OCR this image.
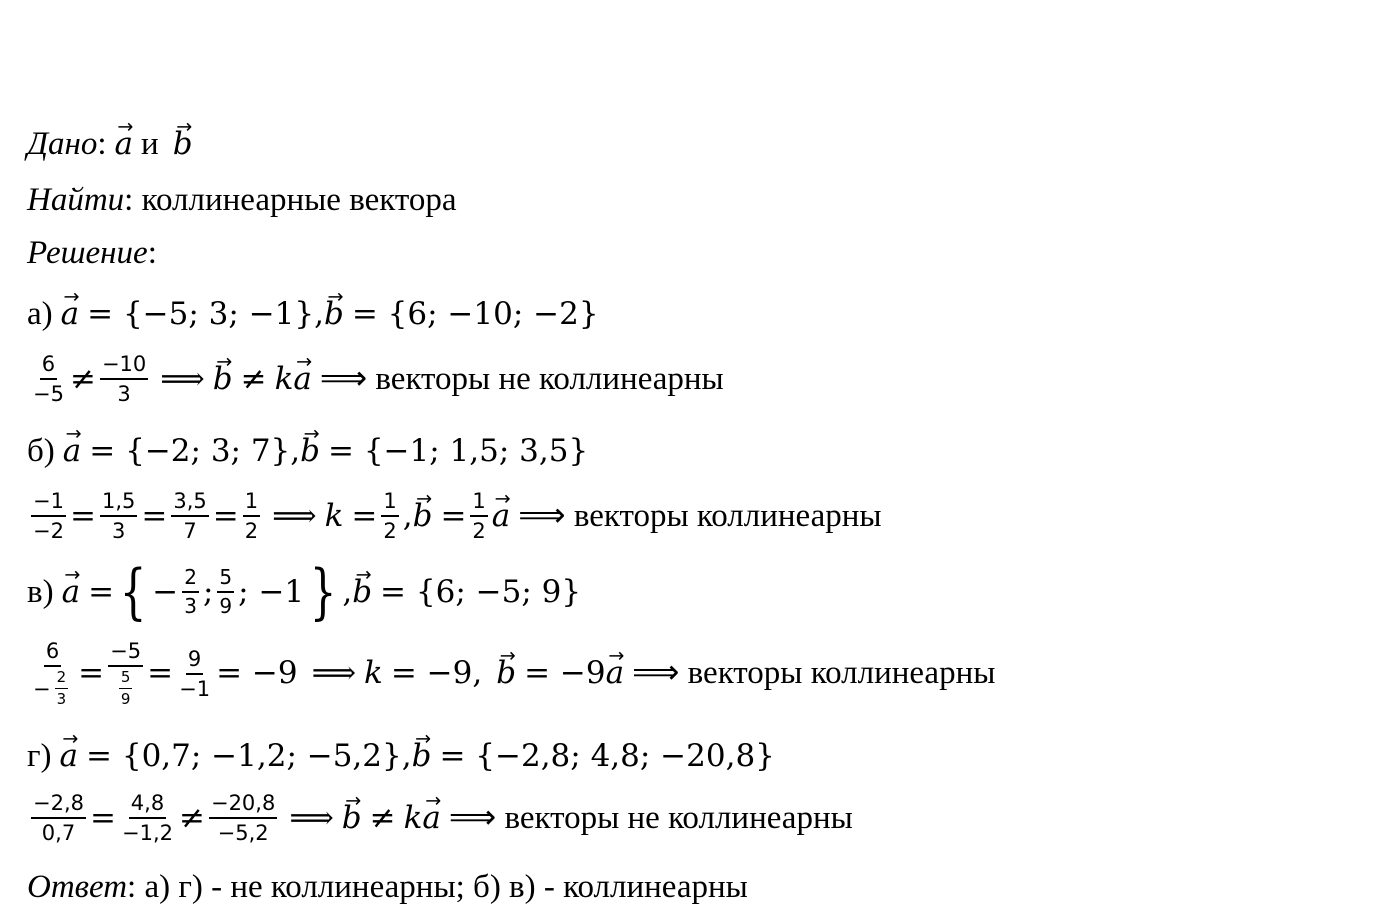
Дано :
→ a и
→ b
Найти : коллинеарные вектора
Решение :
а)
→ a = {−5; 3; −1},
→ b = {6; −10; −2}
$\frac{6}{-5} \ne \frac{-10}{3}$ ⟹
→ b ≠ k
→ a ⟹ векторы не коллинеарны
б)
→ a = {−2; 3; 7},
→ b = {−1; 1,5; 3,5}
$\frac{-1}{-2} = \frac{1,5}{3} = \frac{3,5}{7} = \frac{1}{2}$ ⟹ $k = \frac{1}{2}$ ,
→ $b = \frac{1}{2}$
→ a ⟹ векторы коллинеарны
в)
→ a = { − $\frac{2}{3}$ ; $\frac{5}{9}$ ; −1 } ,
→ b = {6; −5; 9}
$\frac{6}{- \frac{2}{3}} = \frac{-5}{\frac{5}{9}} = \frac{9}{-1} = -9$ ⟹ k = −9,
→ b = −9
→ a ⟹ векторы коллинеарны
г)
→ a = {0,7; −1,2; −5,2},
→ b = {−2,8; 4,8; −20,8}
$\frac{-2,8}{0,7} = \frac{4,8}{-1,2} \ne \frac{-20,8}{-5,2}$ ⟹
→ b ≠ k
→ a ⟹ векторы не коллинеарны
Ответ : а) г) - не коллинеарны; б) в) - коллинеарны
